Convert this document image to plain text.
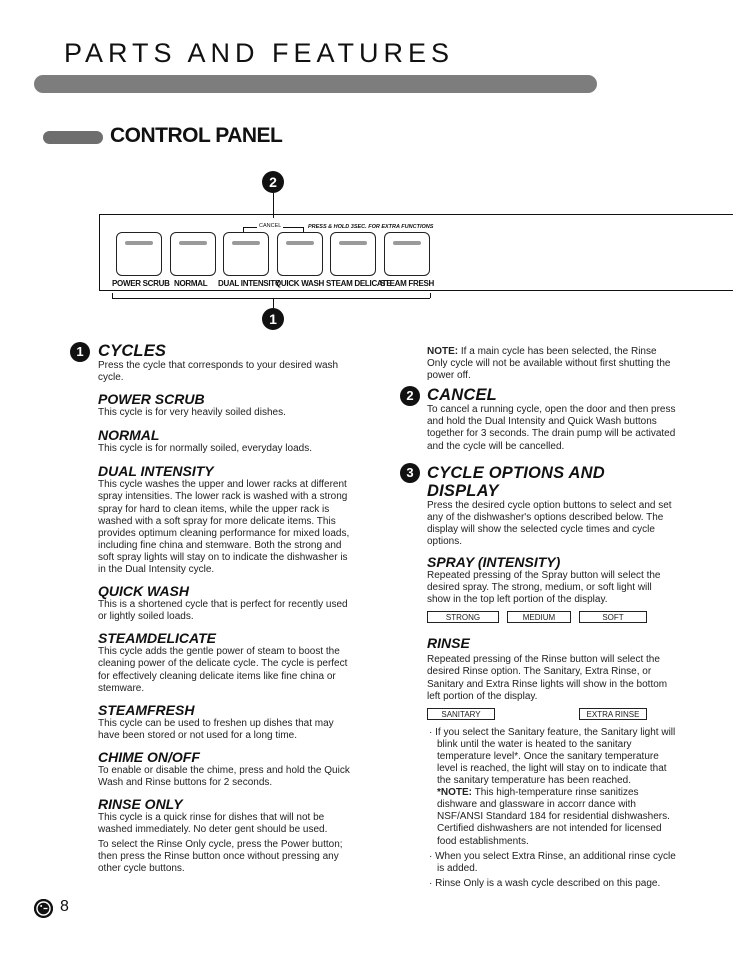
PARTS AND FEATURES
CONTROL PANEL
2
CANCEL	PRESS & HOLD 3SEC. FOR EXTRA FUNCTIONS
POWER SCRUB NORMAL DUAL INTENSITY
QUICK WASH STEAM DELICATE
STEAM FRESH
1
1 CYCLES

Press the cycle that corresponds to your desired wash cycle.

POWER SCRUB

This cycle is for very heavily soiled dishes.

NORMAL

This cycle is for normally soiled, everyday loads.

DUAL INTENSITY

This cycle washes the upper and lower racks at different spray intensities. The lower rack is washed with a strong spray for hard to clean items, while the upper rack is washed with a soft spray for more delicate items. This provides optimum cleaning performance for mixed loads, including fine china and stemware. Both the strong and soft spray lights will stay on to indicate the dishwasher is in the Dual Intensity cycle.

QUICK WASH

This is a shortened cycle that is perfect for recently used or lightly soiled loads.

STEAMDELICATE

This cycle adds the gentle power of steam to boost the cleaning power of the delicate cycle. The cycle is perfect for effectively cleaning delicate items like fine china or stemware.

STEAMFRESH

This cycle can be used to freshen up dishes that may have been stored or not used for a long time.

CHIME ON/OFF

To enable or disable the chime, press and hold the Quick Wash and Rinse buttons for 2 seconds.

RINSE ONLY

This cycle is a quick rinse for dishes that will not be washed immediately. No deter gent should be used.

To select the Rinse Only cycle, press the Power button; then press the Rinse button once without pressing any other cycle buttons.

NOTE: If a main cycle has been selected, the Rinse Only cycle will not be available without first shutting the power off.

CANCEL

To cancel a running cycle, open the door and then press and hold the Dual Intensity and Quick Wash buttons together for 3 seconds. The drain pump will be activated and the cycle will be cancelled.

CYCLE OPTIONS AND DISPLAY

Press the desired cycle option buttons to select and set any of the dishwasher's options described below. The display will show the selected cycle times and cycle options.

SPRAY (INTENSITY)

Repeated pressing of the Spray button will select the desired spray. The strong, medium, or soft light will show in the top left portion of the display.

STRONG	MEDIUM	SOFT
RINSE

Repeated pressing of the Rinse button will select the desired Rinse option. The Sanitary, Extra Rinse, or Sanitary and Extra Rinse lights will show in the bottom left portion of the display.

SANITARY	EXTRA RINSE

· If you select the Sanitary feature, the Sanitary light will blink until the water is heated to the sanitary temperature level*. Once the sanitary temperature level is reached, the light will stay on to indicate that the sanitary temperature has been reached.

*NOTE: This high-temperature rinse sanitizes dishware and glassware in accorr dance with NSF/ANSI Standard 184 for residential dishwashers. Certified dishwashers are not intended for licensed food establishments.

· When you select Extra Rinse, an additional rinse cycle is added.

· Rinse Only is a wash cycle described on this page.

2
3
8
